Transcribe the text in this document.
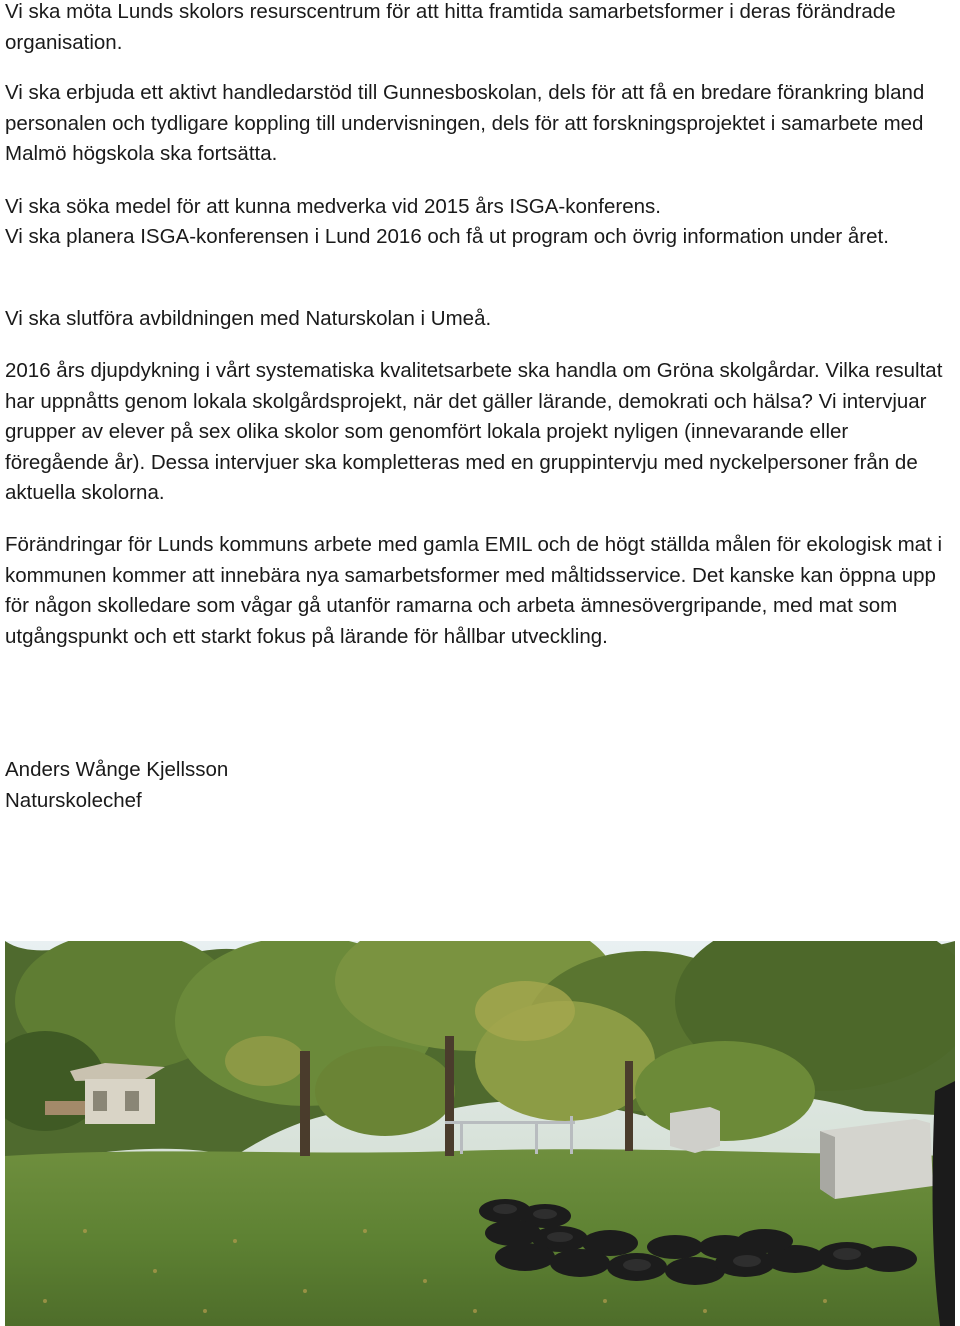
Vi ska möta Lunds skolors resurscentrum för att hitta framtida samarbetsformer i deras förändrade organisation.

Vi ska erbjuda ett aktivt handledarstöd till Gunnesboskolan, dels för att få en bredare förankring bland personalen och tydligare koppling till undervisningen, dels för att forskningsprojektet i samarbete med Malmö högskola ska fortsätta.

Vi ska söka medel för att kunna medverka vid 2015 års ISGA-konferens.

Vi ska planera ISGA-konferensen i Lund 2016 och få ut program och övrig information under året.

Vi ska slutföra avbildningen med Naturskolan i Umeå.

2016 års djupdykning i vårt systematiska kvalitetsarbete ska handla om Gröna skolgårdar. Vilka resultat har uppnåtts genom lokala skolgårdsprojekt, när det gäller lärande, demokrati och hälsa? Vi intervjuar grupper av elever på sex olika skolor som genomfört lokala projekt nyligen (innevarande eller föregående år). Dessa intervjuer ska kompletteras med en gruppintervju med nyckelpersoner från de aktuella skolorna.

Förändringar för Lunds kommuns arbete med gamla EMIL och de högt ställda målen för ekologisk mat i kommunen kommer att innebära nya samarbetsformer med måltidsservice. Det kanske kan öppna upp för någon skolledare som vågar gå utanför ramarna och arbeta ämnesövergripande, med mat som utgångspunkt och ett starkt fokus på lärande för hållbar utveckling.

Anders Wånge Kjellsson

Naturskolechef
